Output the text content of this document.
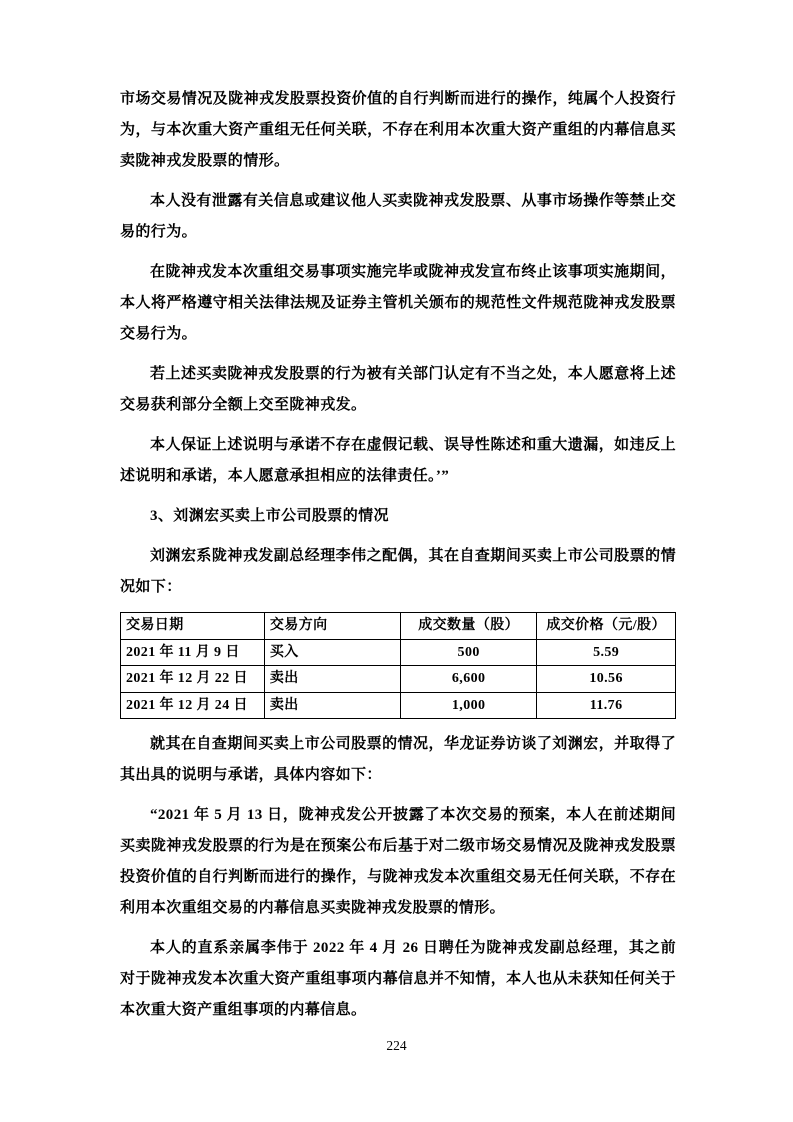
市场交易情况及陇神戎发股票投资价值的自行判断而进行的操作，纯属个人投资行为，与本次重大资产重组无任何关联，不存在利用本次重大资产重组的内幕信息买卖陇神戎发股票的情形。

本人没有泄露有关信息或建议他人买卖陇神戎发股票、从事市场操作等禁止交易的行为。

在陇神戎发本次重组交易事项实施完毕或陇神戎发宣布终止该事项实施期间，本人将严格遵守相关法律法规及证券主管机关颁布的规范性文件规范陇神戎发股票交易行为。

若上述买卖陇神戎发股票的行为被有关部门认定有不当之处，本人愿意将上述交易获利部分全额上交至陇神戎发。

本人保证上述说明与承诺不存在虚假记载、误导性陈述和重大遗漏，如违反上述说明和承诺，本人愿意承担相应的法律责任。’”

3、刘渊宏买卖上市公司股票的情况

刘渊宏系陇神戎发副总经理李伟之配偶，其在自查期间买卖上市公司股票的情况如下：

交易日期	交易方向	成交数量（股）	成交价格（元/股）
2021 年 11 月 9 日	买入	500	5.59
2021 年 12 月 22 日	卖出	6,600	10.56
2021 年 12 月 24 日	卖出	1,000	11.76

就其在自查期间买卖上市公司股票的情况，华龙证券访谈了刘渊宏，并取得了其出具的说明与承诺，具体内容如下：

“2021 年 5 月 13 日，陇神戎发公开披露了本次交易的预案，本人在前述期间买卖陇神戎发股票的行为是在预案公布后基于对二级市场交易情况及陇神戎发股票投资价值的自行判断而进行的操作，与陇神戎发本次重组交易无任何关联，不存在利用本次重组交易的内幕信息买卖陇神戎发股票的情形。

本人的直系亲属李伟于 2022 年 4 月 26 日聘任为陇神戎发副总经理，其之前对于陇神戎发本次重大资产重组事项内幕信息并不知情，本人也从未获知任何关于本次重大资产重组事项的内幕信息。

224
